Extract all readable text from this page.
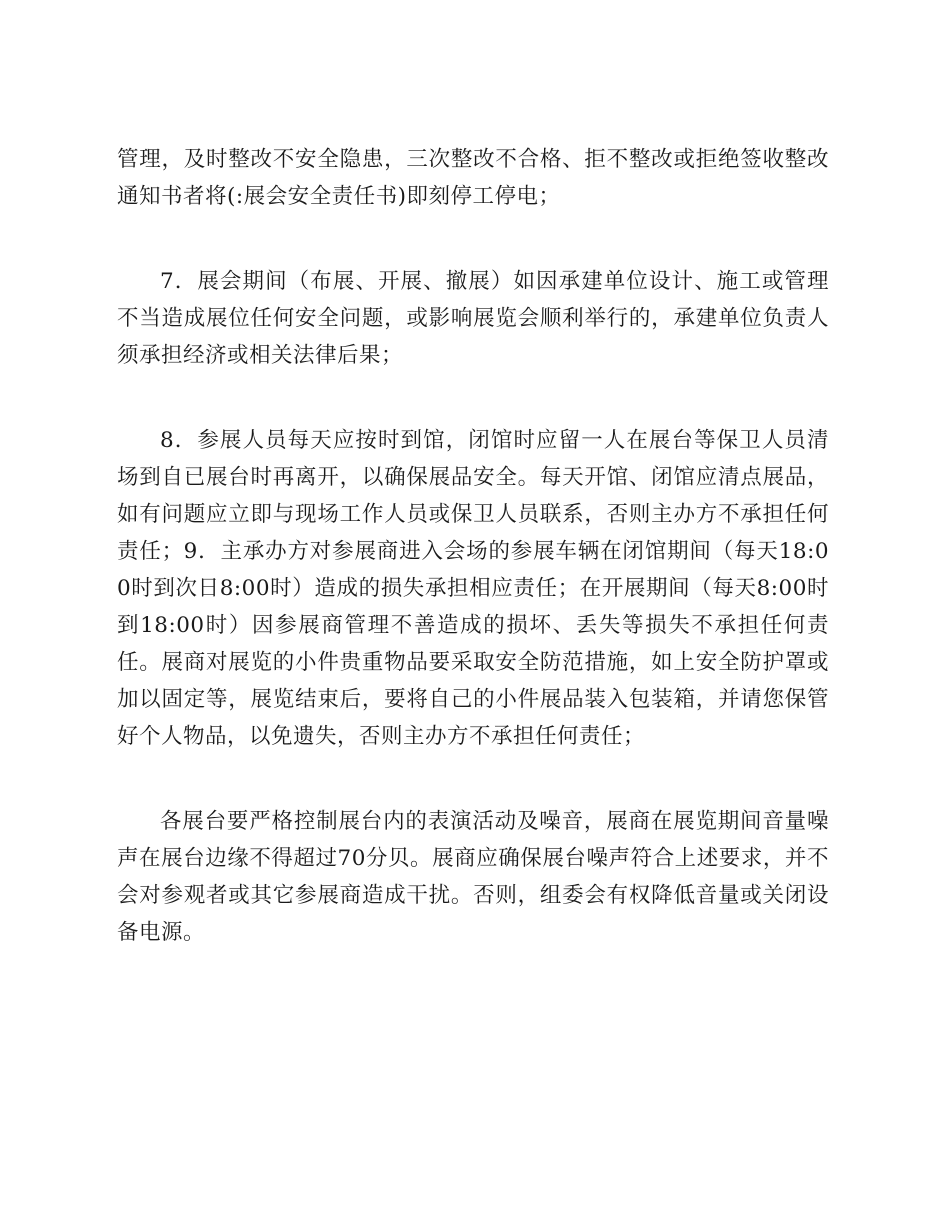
管理，及时整改不安全隐患，三次整改不合格、拒不整改或拒绝签收整改通知书者将(:展会安全责任书)即刻停工停电；

7．展会期间（布展、开展、撤展）如因承建单位设计、施工或管理不当造成展位任何安全问题，或影响展览会顺利举行的，承建单位负责人须承担经济或相关法律后果；

8．参展人员每天应按时到馆，闭馆时应留一人在展台等保卫人员清场到自已展台时再离开，以确保展品安全。每天开馆、闭馆应清点展品，如有问题应立即与现场工作人员或保卫人员联系，否则主办方不承担任何责任；9．主承办方对参展商进入会场的参展车辆在闭馆期间（每天18:00时到次日8:00时）造成的损失承担相应责任；在开展期间（每天8:00时到18:00时）因参展商管理不善造成的损坏、丢失等损失不承担任何责任。展商对展览的小件贵重物品要采取安全防范措施，如上安全防护罩或加以固定等，展览结束后，要将自己的小件展品装入包装箱，并请您保管好个人物品，以免遗失，否则主办方不承担任何责任；

各展台要严格控制展台内的表演活动及噪音，展商在展览期间音量噪声在展台边缘不得超过70分贝。展商应确保展台噪声符合上述要求，并不会对参观者或其它参展商造成干扰。否则，组委会有权降低音量或关闭设备电源。
